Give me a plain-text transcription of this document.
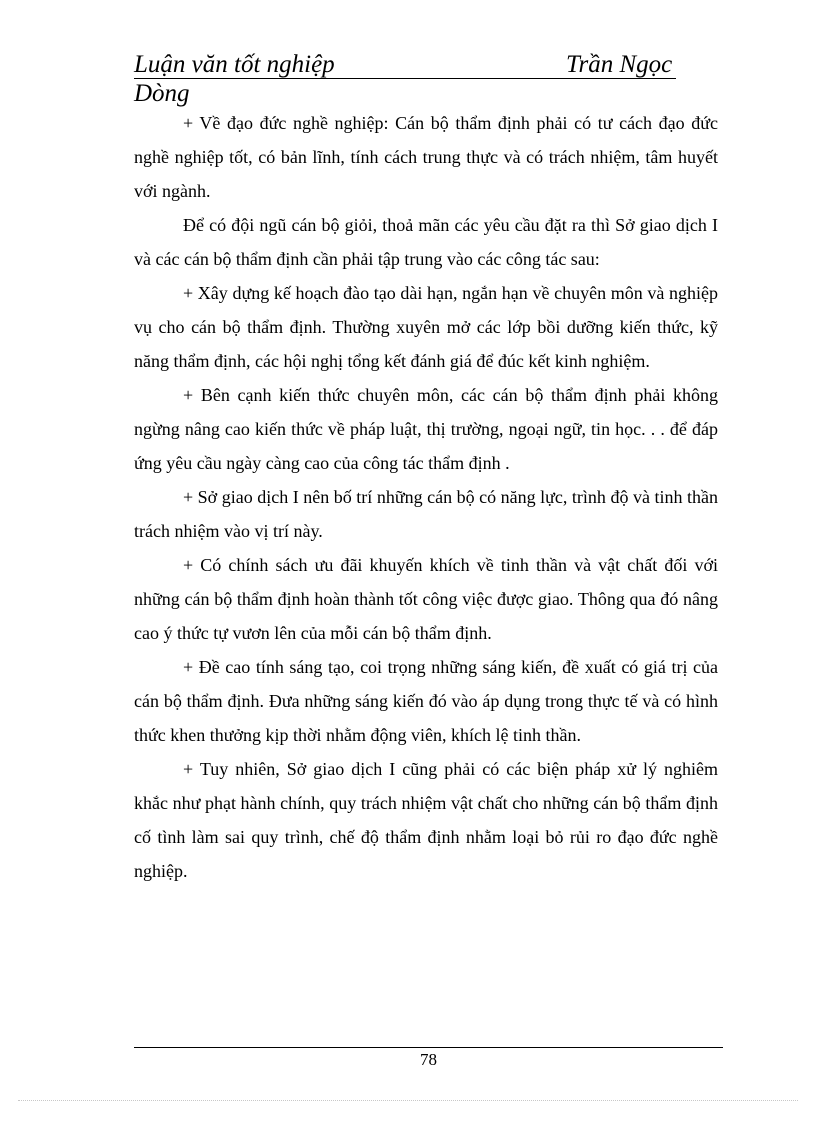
Luận văn tốt nghiệp	Trần Ngọc
Dòng

+ Về đạo đức nghề nghiệp: Cán bộ thẩm định phải có tư cách đạo đức nghề nghiệp tốt, có bản lĩnh, tính cách trung thực và có trách nhiệm, tâm huyết với ngành.

Để có đội ngũ cán bộ giỏi, thoả mãn các yêu cầu đặt ra thì Sở giao dịch I và các cán bộ thẩm định cần phải tập trung vào các công tác sau:

+ Xây dựng kế hoạch đào tạo dài hạn, ngắn hạn về chuyên môn và nghiệp vụ cho cán bộ thẩm định. Thường xuyên mở các lớp bồi dưỡng kiến thức, kỹ năng thẩm định, các hội nghị tổng kết đánh giá để đúc kết kinh nghiệm.

+ Bên cạnh kiến thức chuyên môn, các cán bộ thẩm định phải không ngừng nâng cao kiến thức về pháp luật, thị trường, ngoại ngữ, tin học. . . để đáp ứng yêu cầu ngày càng cao của công tác thẩm định .

+ Sở giao dịch I nên bố trí những cán bộ có năng lực, trình độ và tinh thần trách nhiệm vào vị trí này.

+ Có chính sách ưu đãi khuyến khích về tinh thần và vật chất đối với những cán bộ thẩm định hoàn thành tốt công việc được giao. Thông qua đó nâng cao ý thức tự vươn lên của mỗi cán bộ thẩm định.

+ Đề cao tính sáng tạo, coi trọng những sáng kiến, đề xuất có giá trị của cán bộ thẩm định. Đưa những sáng kiến đó vào áp dụng trong thực tế và có hình thức khen thưởng kịp thời nhằm động viên, khích lệ tinh thần.

+ Tuy nhiên, Sở giao dịch I cũng phải có các biện pháp xử lý nghiêm khắc như phạt hành chính, quy trách nhiệm vật chất cho những cán bộ thẩm định cố tình làm sai quy trình, chế độ thẩm định nhằm loại bỏ rủi ro đạo đức nghề nghiệp.

78
